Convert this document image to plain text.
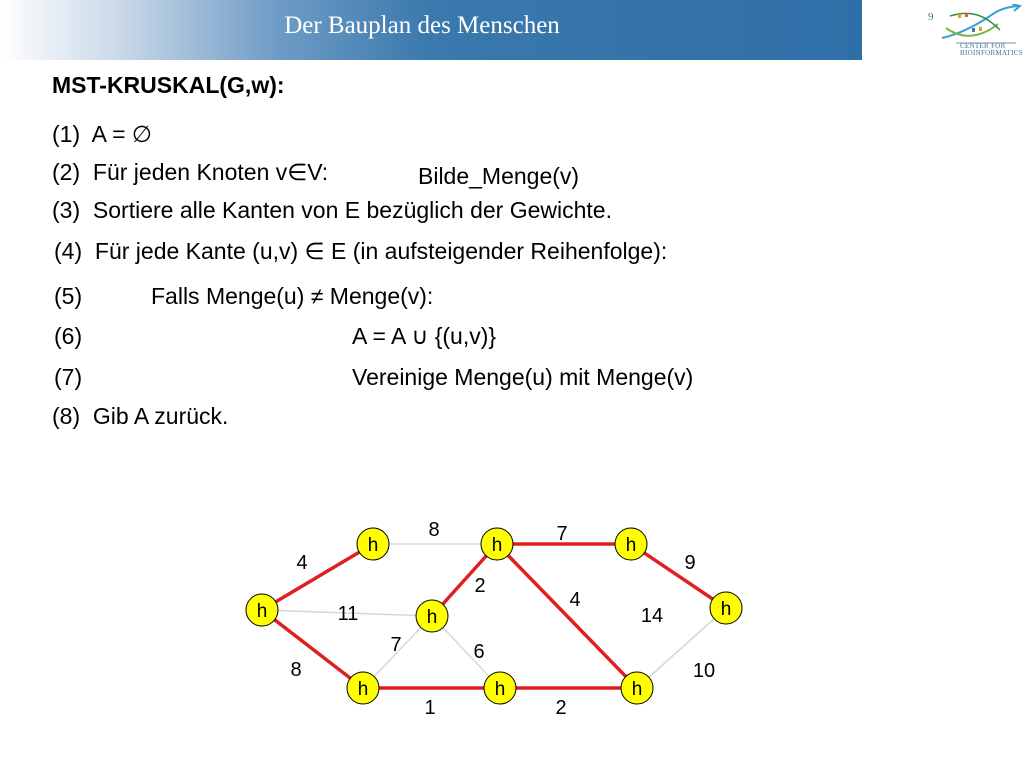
Der Bauplan des Menschen	9
CENTER FOR
BIOINFORMATICS
MST-KRUSKAL(G,w):
(1) A = ∅
(2) Für jeden Knoten v∈V:	Bilde_Menge(v)
(3) Sortiere alle Kanten von E bezüglich der Gewichte.
(4) Für jede Kante (u,v) ∈ E (in aufsteigender Reihenfolge):
(5)	Falls Menge(u) ≠ Menge(v):
(6)	A = A ∪ {(u,v)}
(7)	Vereinige Menge(u) mit Menge(v)
(8) Gib A zurück.
h	h	h
h	h	h
h	h	h
4
8	7
9
2
4
11	14
7	6
8	10
1	2
